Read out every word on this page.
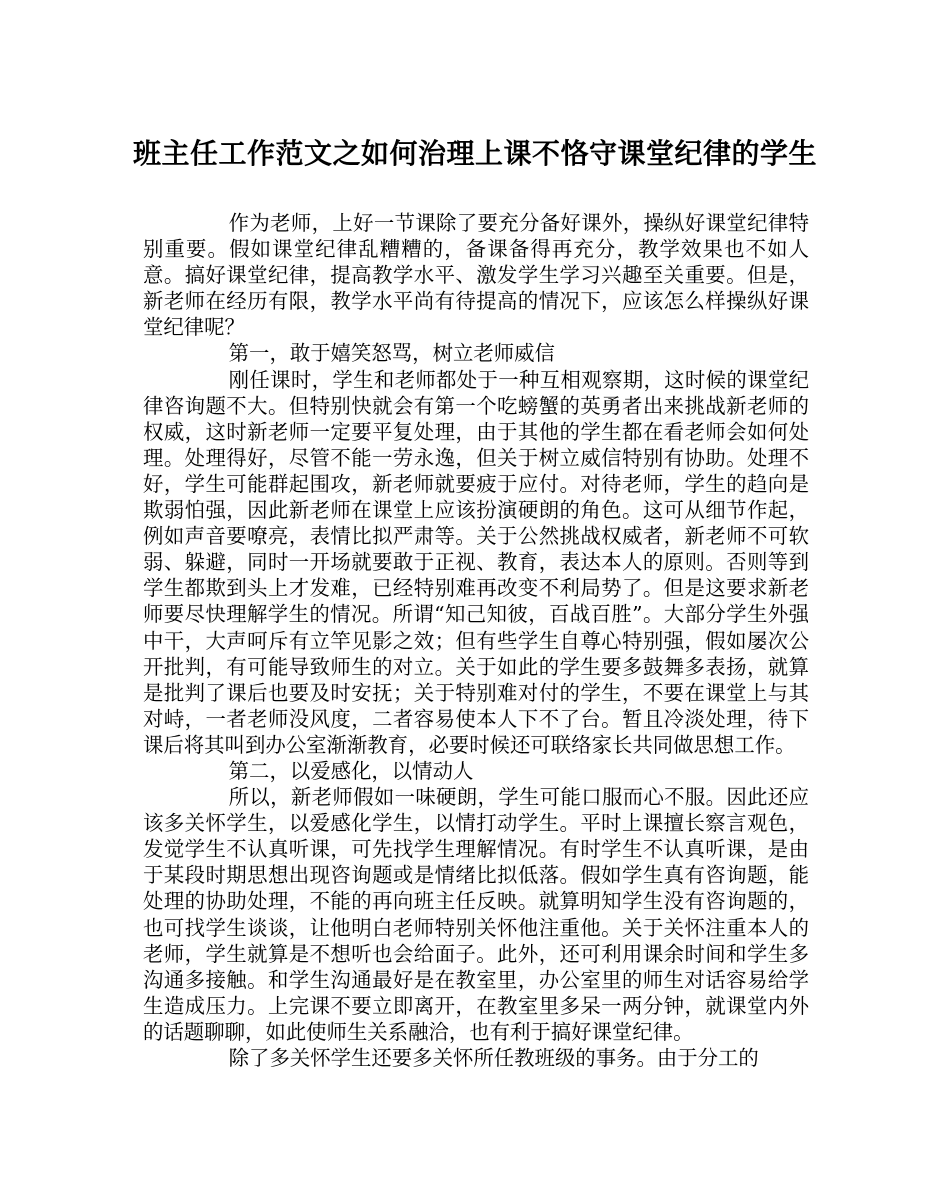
班主任工作范文之如何治理上课不恪守课堂纪律的学生

作为老师，上好一节课除了要充分备好课外，操纵好课堂纪律特别重要。假如课堂纪律乱糟糟的，备课备得再充分，教学效果也不如人意。搞好课堂纪律，提高教学水平、激发学生学习兴趣至关重要。但是，新老师在经历有限，教学水平尚有待提高的情况下，应该怎么样操纵好课堂纪律呢？

第一，敢于嬉笑怒骂，树立老师威信

刚任课时，学生和老师都处于一种互相观察期，这时候的课堂纪律咨询题不大。但特别快就会有第一个吃螃蟹的英勇者出来挑战新老师的权威，这时新老师一定要平复处理，由于其他的学生都在看老师会如何处理。处理得好，尽管不能一劳永逸，但关于树立威信特别有协助。处理不好，学生可能群起围攻，新老师就要疲于应付。对待老师，学生的趋向是欺弱怕强，因此新老师在课堂上应该扮演硬朗的角色。这可从细节作起，例如声音要嘹亮，表情比拟严肃等。关于公然挑战权威者，新老师不可软弱、躲避，同时一开场就要敢于正视、教育，表达本人的原则。否则等到学生都欺到头上才发难，已经特别难再改变不利局势了。但是这要求新老师要尽快理解学生的情况。所谓“知己知彼，百战百胜”。大部分学生外强中干，大声呵斥有立竿见影之效；但有些学生自尊心特别强，假如屡次公开批判，有可能导致师生的对立。关于如此的学生要多鼓舞多表扬，就算是批判了课后也要及时安抚；关于特别难对付的学生，不要在课堂上与其对峙，一者老师没风度，二者容易使本人下不了台。暂且冷淡处理，待下课后将其叫到办公室渐渐教育，必要时候还可联络家长共同做思想工作。

第二，以爱感化，以情动人

所以，新老师假如一味硬朗，学生可能口服而心不服。因此还应该多关怀学生，以爱感化学生，以情打动学生。平时上课擅长察言观色，发觉学生不认真听课，可先找学生理解情况。有时学生不认真听课，是由于某段时期思想出现咨询题或是情绪比拟低落。假如学生真有咨询题，能处理的协助处理，不能的再向班主任反映。就算明知学生没有咨询题的，也可找学生谈谈，让他明白老师特别关怀他注重他。关于关怀注重本人的老师，学生就算是不想听也会给面子。此外，还可利用课余时间和学生多沟通多接触。和学生沟通最好是在教室里，办公室里的师生对话容易给学生造成压力。上完课不要立即离开，在教室里多呆一两分钟，就课堂内外的话题聊聊，如此使师生关系融洽，也有利于搞好课堂纪律。

除了多关怀学生还要多关怀所任教班级的事务。由于分工的
